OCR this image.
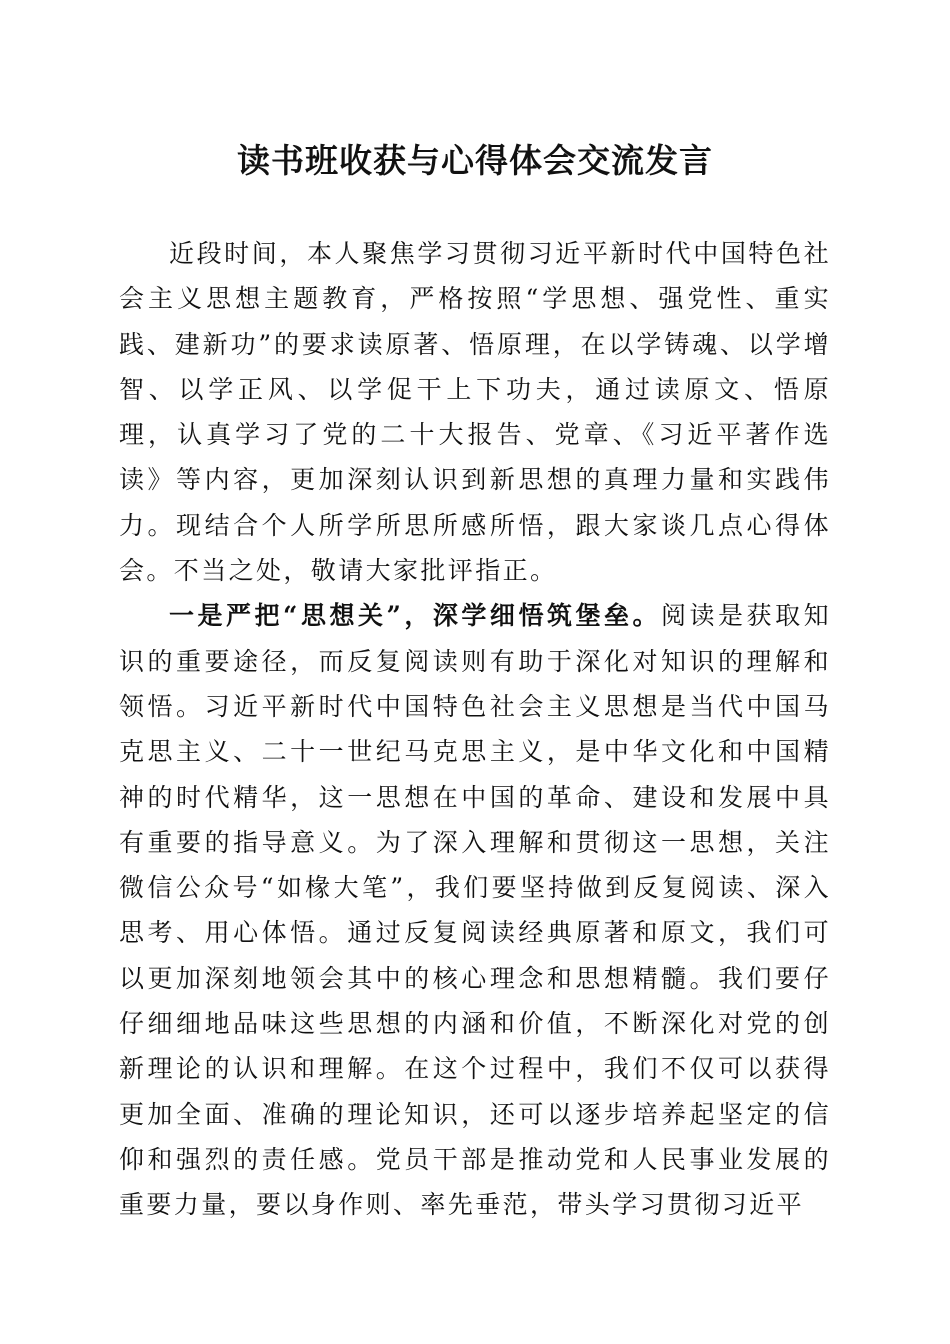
读书班收获与心得体会交流发言

近段时间，本人聚焦学习贯彻习近平新时代中国特色社会主义思想主题教育，严格按照“学思想、强党性、重实践、建新功”的要求读原著、悟原理，在以学铸魂、以学增智、以学正风、以学促干上下功夫，通过读原文、悟原理，认真学习了党的二十大报告、党章、《习近平著作选读》等内容，更加深刻认识到新思想的真理力量和实践伟力。现结合个人所学所思所感所悟，跟大家谈几点心得体会。不当之处，敬请大家批评指正。

一是严把“思想关”，深学细悟筑堡垒。阅读是获取知识的重要途径，而反复阅读则有助于深化对知识的理解和领悟。习近平新时代中国特色社会主义思想是当代中国马克思主义、二十一世纪马克思主义，是中华文化和中国精神的时代精华，这一思想在中国的革命、建设和发展中具有重要的指导意义。为了深入理解和贯彻这一思想，关注微信公众号“如椽大笔”，我们要坚持做到反复阅读、深入思考、用心体悟。通过反复阅读经典原著和原文，我们可以更加深刻地领会其中的核心理念和思想精髓。我们要仔仔细细地品味这些思想的内涵和价值，不断深化对党的创新理论的认识和理解。在这个过程中，我们不仅可以获得更加全面、准确的理论知识，还可以逐步培养起坚定的信仰和强烈的责任感。党员干部是推动党和人民事业发展的重要力量，要以身作则、率先垂范，带头学习贯彻习近平
